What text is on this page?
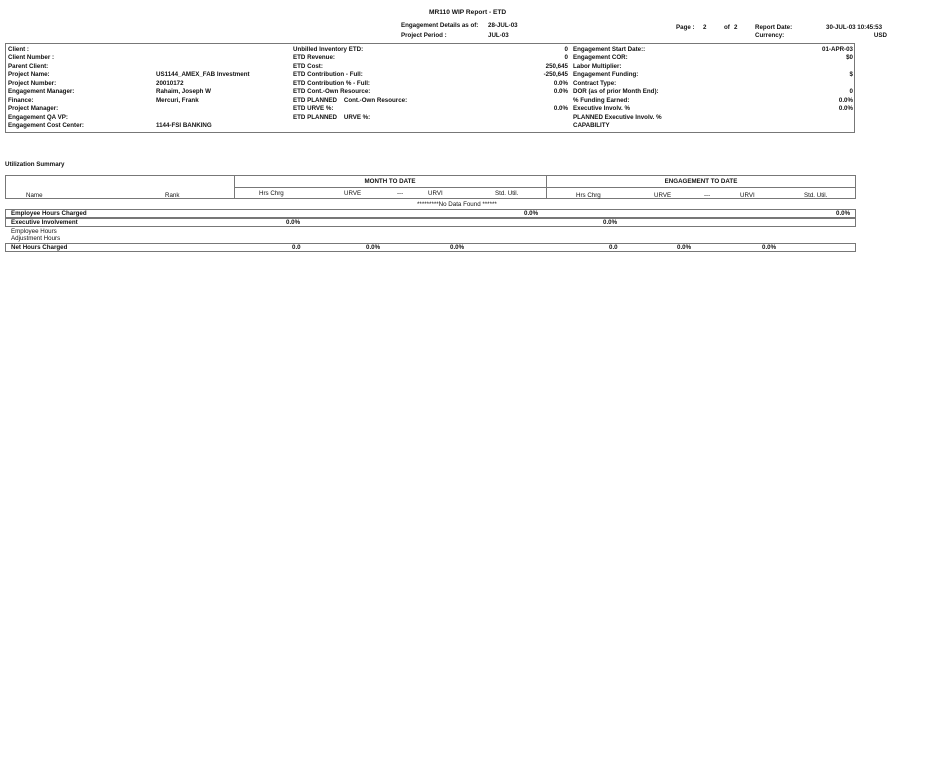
MR110 WIP Report - ETD
Engagement Details as of: 28-JUL-03
Project Period :	JUL-03
Page : 2	of 2	Report Date:	30-JUL-03 10:45:53
Currency:	USD
Client :
Client Number :
Parent Client:
Project Name:	US1144_AMEX_FAB Investment
Project Number:	20010172
Engagement Manager:	Rahaim, Joseph W
Finance:	Mercuri, Frank
Project Manager:
Engagement QA VP:
Engagement Cost Center:	1144-FSI BANKING
Unbilled Inventory ETD:	0
ETD Revenue:	0
ETD Cost:	250,645
ETD Contribution - Full:	-250,645
ETD Contribution % - Full:	0.0%
ETD Cont.-Own Resource:	0.0%
ETD PLANNED    Cont.-Own Resource:
ETD URVE %:	0.0%
ETD PLANNED    URVE %:
Engagement Start Date::	01-APR-03
Engagement COR:	$0
Labor Multiplier:
Engagement Funding:	$
Contract Type:
DOR (as of prior Month End):	0
% Funding Earned:	0.0%
Executive Involv. %	0.0%
PLANNED Executive Involv. %
CAPABILITY
Utilization Summary
MONTH TO DATE	ENGAGEMENT TO DATE
Name	Rank	Hrs Chrg	URVE	---	URVI	Std. Util.	Hrs Chrg	URVE	---	URVI	Std. Util.
*********No Data Found ******
Employee Hours Charged	0.0%	0.0%
Executive Involvement	0.0%	0.0%
Employee Hours
Adjustment Hours
Net Hours Charged	0.0	0.0%	0.0%	0.0	0.0%	0.0%
